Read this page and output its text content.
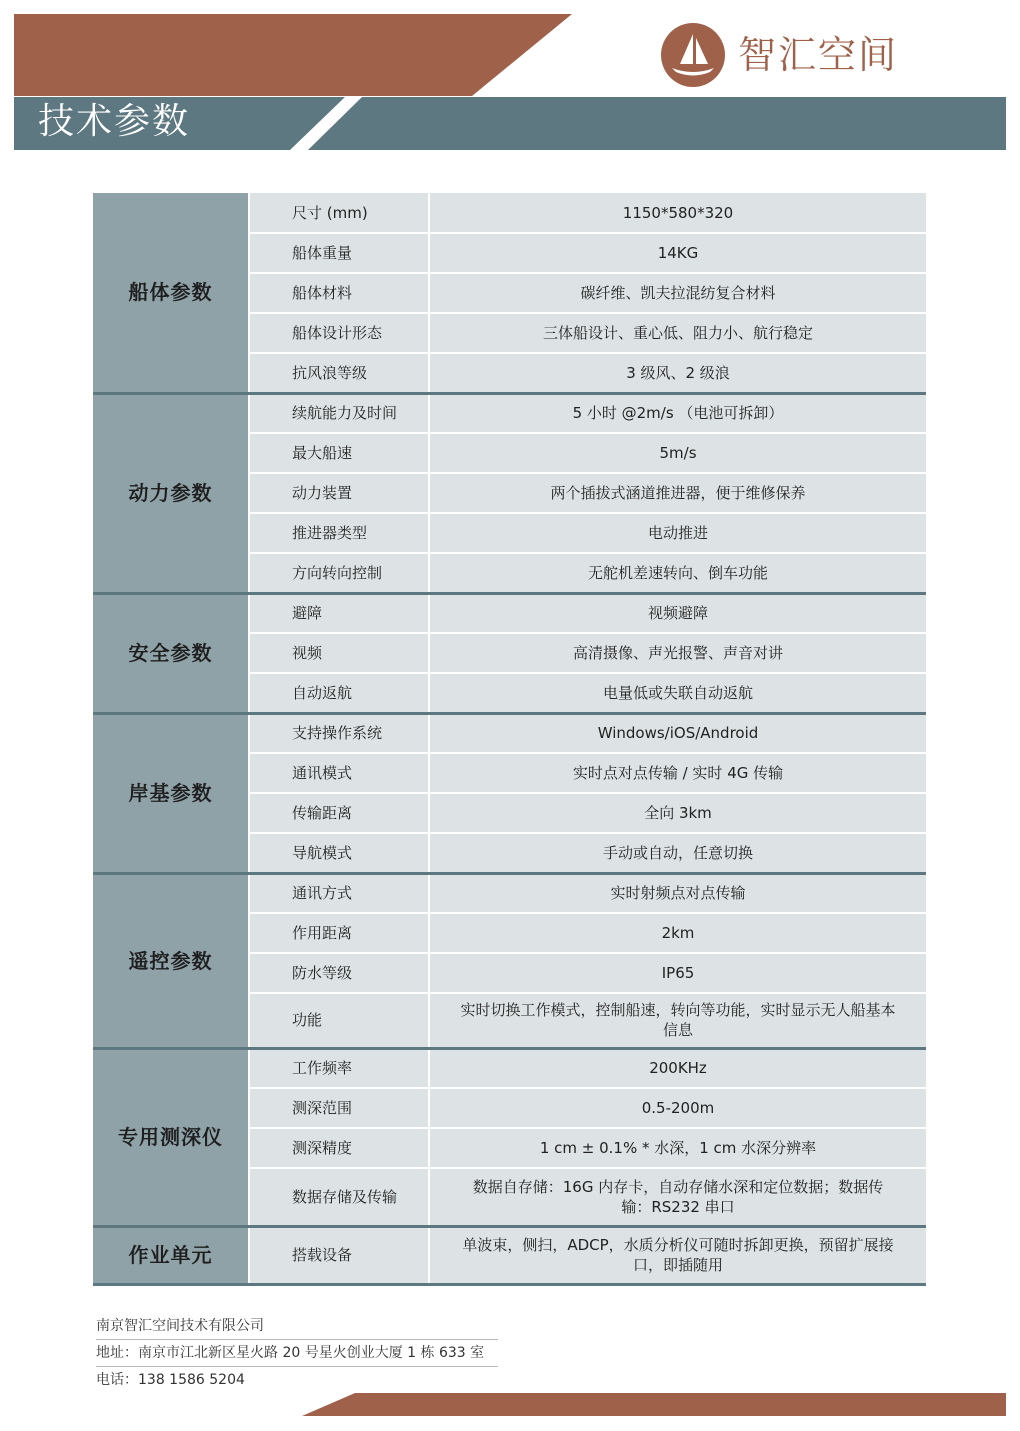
智汇空间
技术参数
船体参数	尺寸 (mm)	1150*580*320
	船体重量	14KG
	船体材料	碳纤维、凯夫拉混纺复合材料
	船体设计形态	三体船设计、重心低、阻力小、航行稳定
	抗风浪等级	3 级风、2 级浪
动力参数	续航能力及时间	5 小时 @2m/s （电池可拆卸）
	最大船速	5m/s
	动力装置	两个插拔式涵道推进器，便于维修保养
	推进器类型	电动推进
	方向转向控制	无舵机差速转向、倒车功能
安全参数	避障	视频避障
	视频	高清摄像、声光报警、声音对讲
	自动返航	电量低或失联自动返航
岸基参数	支持操作系统	Windows/iOS/Android
	通讯模式	实时点对点传输 / 实时 4G 传输
	传输距离	全向 3km
	导航模式	手动或自动，任意切换
遥控参数	通讯方式	实时射频点对点传输
	作用距离	2km
	防水等级	IP65
	功能	实时切换工作模式，控制船速，转向等功能，实时显示无人船基本信息
专用测深仪	工作频率	200KHz
	测深范围	0.5-200m
	测深精度	1 cm ± 0.1% * 水深，1 cm 水深分辨率
	数据存储及传输	数据自存储：16G 内存卡，自动存储水深和定位数据；数据传输：RS232 串口
作业单元	搭载设备	单波束，侧扫，ADCP，水质分析仪可随时拆卸更换，预留扩展接口，即插随用
南京智汇空间技术有限公司
地址：南京市江北新区星火路 20 号星火创业大厦 1 栋 633 室
电话：138 1586 5204
